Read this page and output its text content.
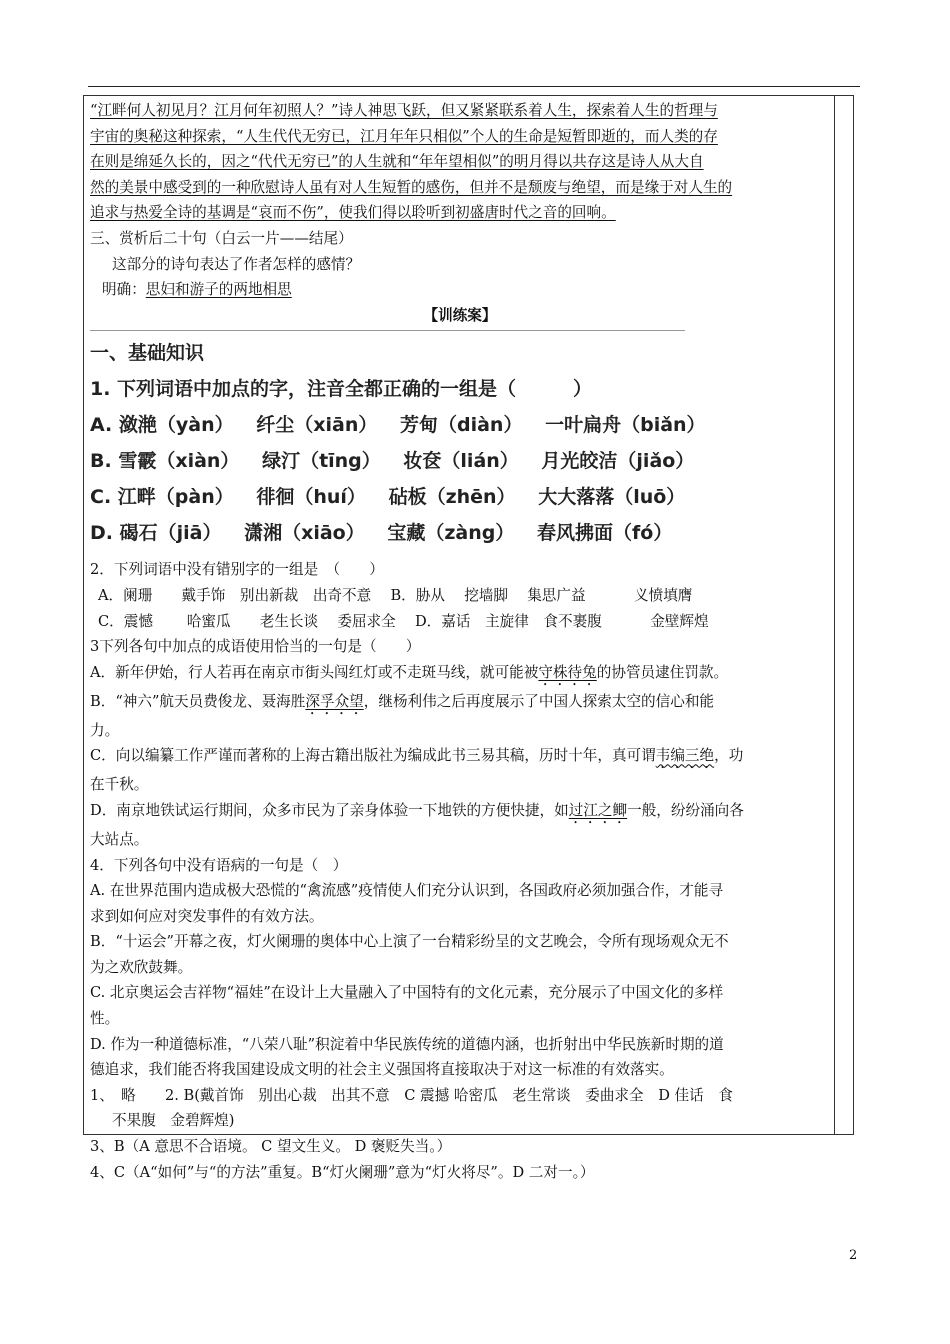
“江畔何人初见月？江月何年初照人？”诗人神思飞跃，但又紧紧联系着人生，探索着人生的哲理与
宇宙的奥秘这种探索，“人生代代无穷已，江月年年只相似”个人的生命是短暂即逝的，而人类的存
在则是绵延久长的，因之“代代无穷已”的人生就和“年年望相似”的明月得以共存这是诗人从大自
然的美景中感受到的一种欣慰诗人虽有对人生短暂的感伤，但并不是颓废与绝望，而是缘于对人生的
追求与热爱全诗的基调是“哀而不伤”，使我们得以聆听到初盛唐时代之音的回响。
三、赏析后二十句（白云一片——结尾）
这部分的诗句表达了作者怎样的感情？
明确：思妇和游子的两地相思
【训练案】
一、基础知识
1. 下列词语中加点的字，注音全都正确的一组是（　　　）
A. 潋滟（yàn） 纤尘（xiān） 芳甸（diàn） 一叶扁舟（biǎn）
B. 雪霰（xiàn） 绿汀（tīng） 妆奁（lián） 月光皎洁（jiǎo）
C. 江畔（pàn） 徘徊（huí） 砧板（zhēn） 大大落落（luō）
D. 碣石（jiā） 潇湘（xiāo） 宝藏（zàng） 春风拂面（fó）
2．下列词语中没有错别字的一组是　（　　）
A．阑珊　　戴手饰　别出新裁　出奇不意　 B．胁从　 挖墙脚　 集思广益　　　 义愤填膺
C．震憾　　 哈蜜瓜　　老生长谈　 委屈求全　 D．嘉话　主旋律　食不裹腹　　　 金壁辉煌
3下列各句中加点的成语使用恰当的一句是（　　）
A．新年伊始，行人若再在南京市街头闯红灯或不走斑马线，就可能被守株待兔的协管员逮住罚款。
B．“神六”航天员费俊龙、聂海胜深孚众望，继杨利伟之后再度展示了中国人探索太空的信心和能
力。
C．向以编纂工作严谨而著称的上海古籍出版社为编成此书三易其稿，历时十年，真可谓韦编三绝，功
在千秋。
D．南京地铁试运行期间，众多市民为了亲身体验一下地铁的方便快捷，如过江之鲫一般，纷纷涌向各
大站点。
4．下列各句中没有语病的一句是（　）
A. 在世界范围内造成极大恐慌的“禽流感”疫情使人们充分认识到，各国政府必须加强合作，才能寻
求到如何应对突发事件的有效方法。
B．“十运会”开幕之夜，灯火阑珊的奥体中心上演了一台精彩纷呈的文艺晚会，令所有现场观众无不
为之欢欣鼓舞。
C. 北京奥运会吉祥物“福娃”在设计上大量融入了中国特有的文化元素，充分展示了中国文化的多样
性。
D. 作为一种道德标准，“八荣八耻”积淀着中华民族传统的道德内涵，也折射出中华民族新时期的道
德追求，我们能否将我国建设成文明的社会主义强国将直接取决于对这一标准的有效落实。
1、　略　　2. B(戴首饰　别出心裁　出其不意　C 震撼 哈密瓜　老生常谈　委曲求全　D 佳话　食
不果腹　金碧辉煌)
3、B（A 意思不合语境。 C 望文生义。 D 褒贬失当。）
4、C（A“如何”与“的方法”重复。B“灯火阑珊”意为“灯火将尽”。D 二对一。）
2
